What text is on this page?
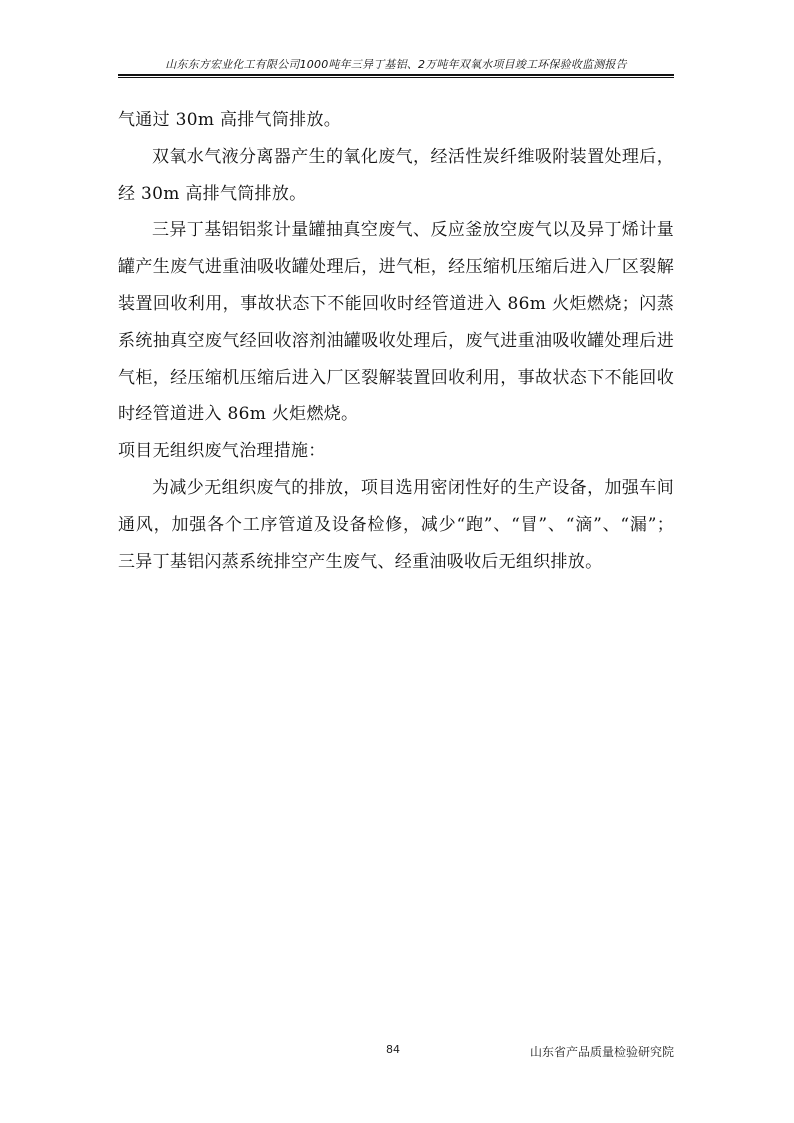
山东东方宏业化工有限公司1000吨年三异丁基铝、2万吨年双氧水项目竣工环保验收监测报告

气通过 30m 高排气筒排放。

双氧水气液分离器产生的氧化废气，经活性炭纤维吸附装置处理后，经 30m 高排气筒排放。

三异丁基铝铝浆计量罐抽真空废气、反应釜放空废气以及异丁烯计量罐产生废气进重油吸收罐处理后，进气柜，经压缩机压缩后进入厂区裂解装置回收利用，事故状态下不能回收时经管道进入 86m 火炬燃烧；闪蒸系统抽真空废气经回收溶剂油罐吸收处理后，废气进重油吸收罐处理后进气柜，经压缩机压缩后进入厂区裂解装置回收利用，事故状态下不能回收时经管道进入 86m 火炬燃烧。

项目无组织废气治理措施：

为减少无组织废气的排放，项目选用密闭性好的生产设备，加强车间通风，加强各个工序管道及设备检修，减少“跑”、“冒”、“滴”、“漏”；三异丁基铝闪蒸系统排空产生废气、经重油吸收后无组织排放。

84	山东省产品质量检验研究院
